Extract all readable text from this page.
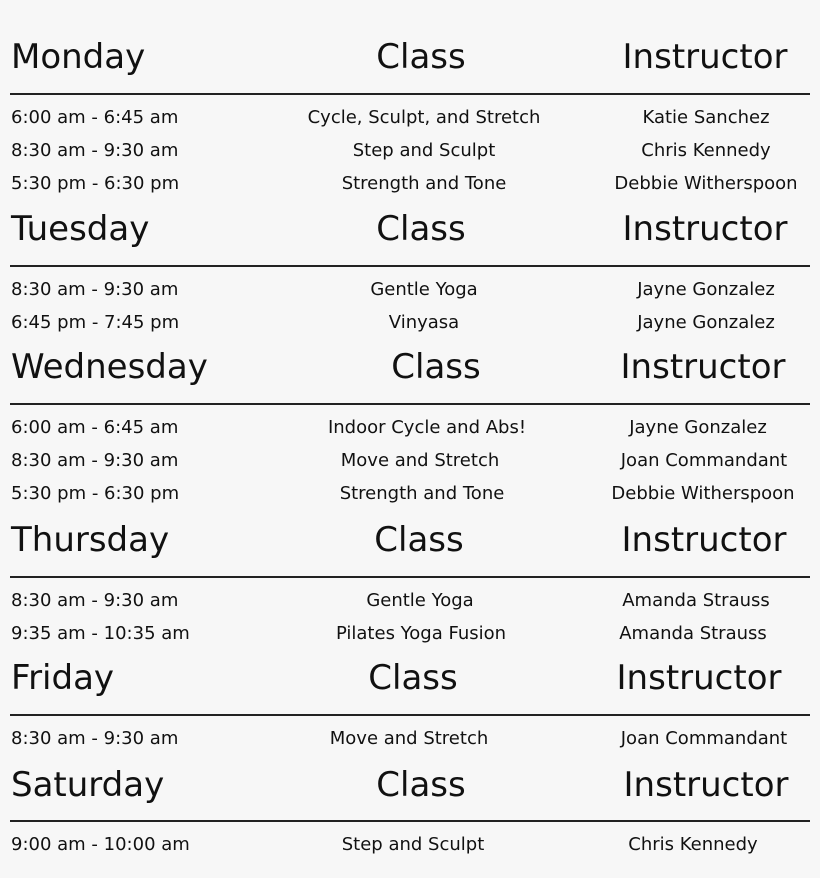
Monday	Class	Instructor
6:00 am - 6:45 am	Cycle, Sculpt, and Stretch	Katie Sanchez
8:30 am - 9:30 am	Step and Sculpt	Chris Kennedy
5:30 pm - 6:30 pm	Strength and Tone	Debbie Witherspoon
Tuesday	Class	Instructor
8:30 am - 9:30 am	Gentle Yoga	Jayne Gonzalez
6:45 pm - 7:45 pm	Vinyasa	Jayne Gonzalez
Wednesday	Class	Instructor
6:00 am - 6:45 am	Indoor Cycle and Abs!	Jayne Gonzalez
8:30 am - 9:30 am	Move and Stretch	Joan Commandant
5:30 pm - 6:30 pm	Strength and Tone	Debbie Witherspoon
Thursday	Class	Instructor
8:30 am - 9:30 am	Gentle Yoga	Amanda Strauss
9:35 am - 10:35 am	Pilates Yoga Fusion	Amanda Strauss
Friday	Class	Instructor
8:30 am - 9:30 am	Move and Stretch	Joan Commandant
Saturday	Class	Instructor
9:00 am - 10:00 am	Step and Sculpt	Chris Kennedy
